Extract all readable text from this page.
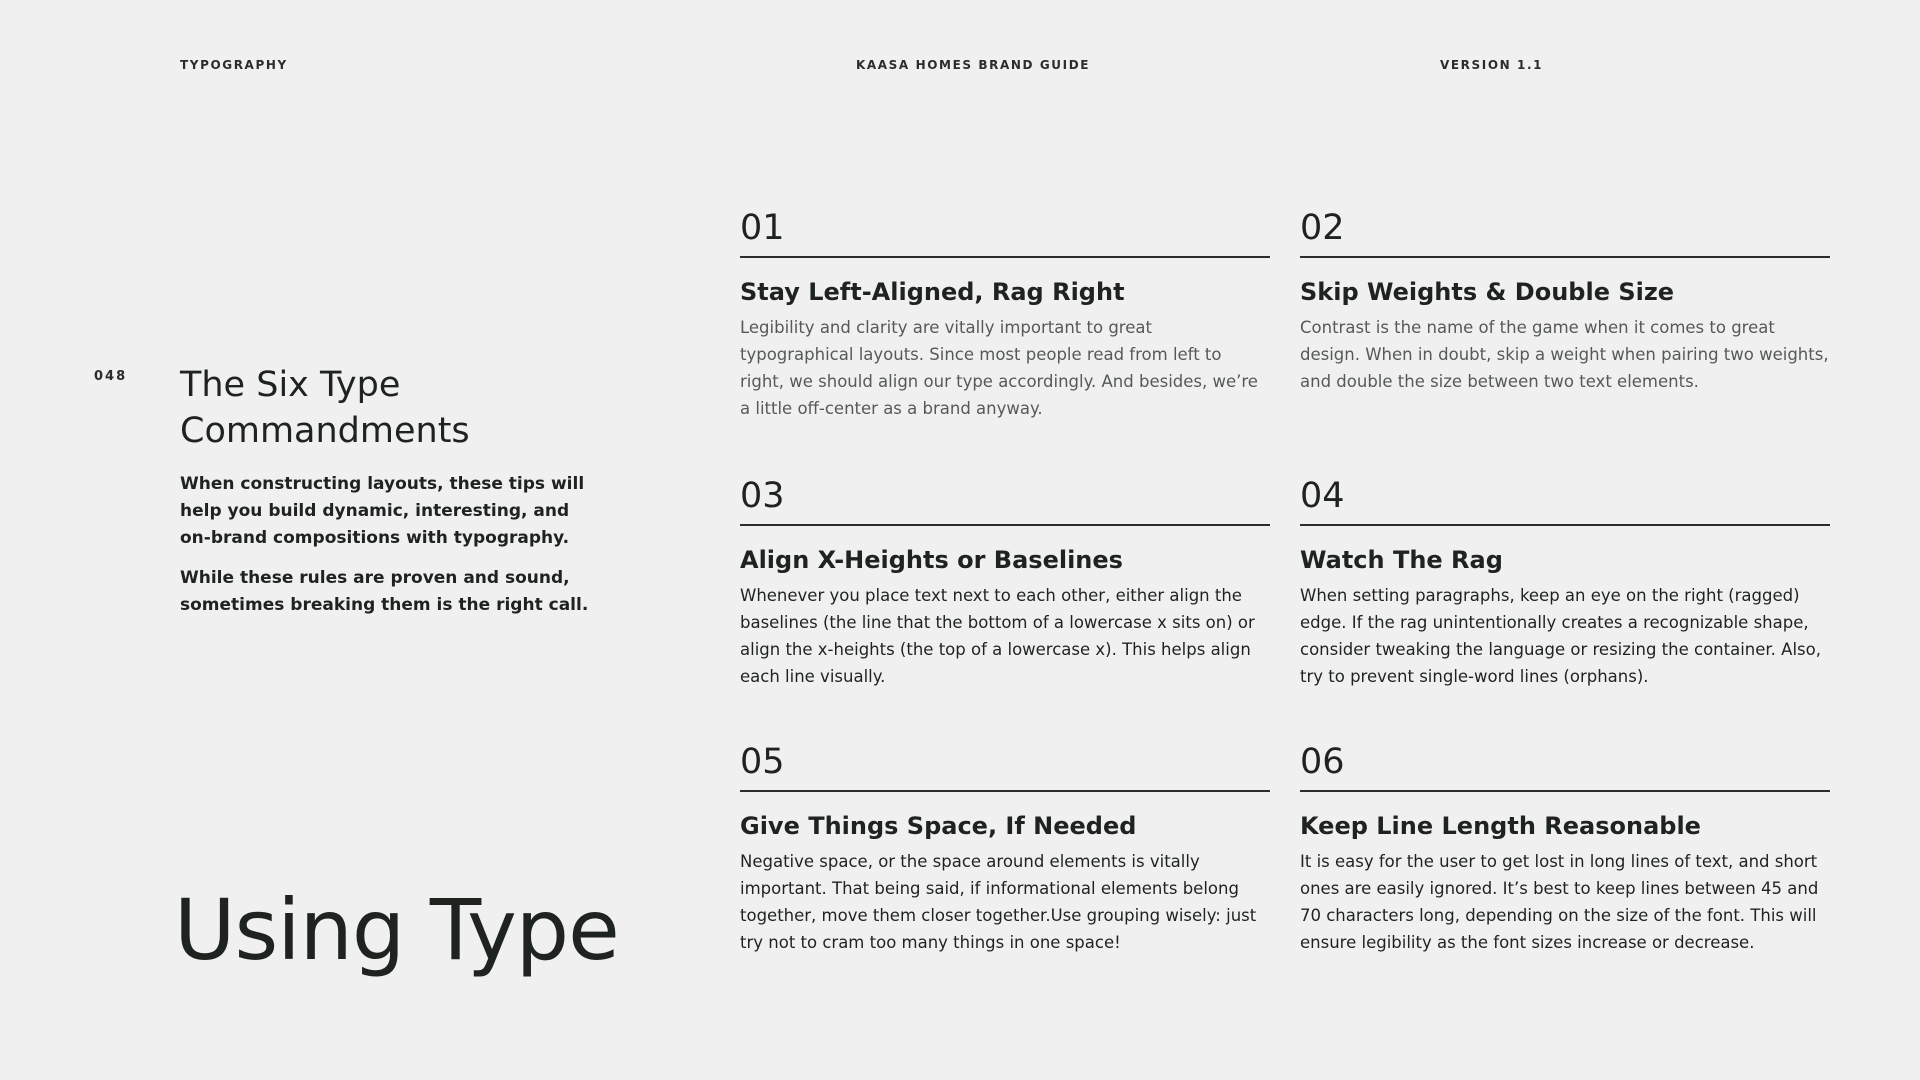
TYPOGRAPHY	KAASA HOMES BRAND GUIDE	VERSION 1.1
048 The Six Type Commandments

When constructing layouts, these tips will help you build dynamic, interesting, and on-brand compositions with typography.

While these rules are proven and sound, sometimes breaking them is the right call.

Using Type
01
Stay Left-Aligned, Rag Right

Legibility and clarity are vitally important to great typographical layouts. Since most people read from left to right, we should align our type accordingly. And besides, we’re a little off-center as a brand anyway.

02
Skip Weights & Double Size

Contrast is the name of the game when it comes to great design. When in doubt, skip a weight when pairing two weights, and double the size between two text elements.

03
Align X-Heights or Baselines

Whenever you place text next to each other, either align the baselines (the line that the bottom of a lowercase x sits on) or align the x-heights (the top of a lowercase x). This helps align each line visually.

04
Watch The Rag

When setting paragraphs, keep an eye on the right (ragged) edge. If the rag unintentionally creates a recognizable shape, consider tweaking the language or resizing the container. Also, try to prevent single-word lines (orphans).

05
Give Things Space, If Needed

Negative space, or the space around elements is vitally important. That being said, if informational elements belong together, move them closer together.Use grouping wisely: just try not to cram too many things in one space!

06
Keep Line Length Reasonable

It is easy for the user to get lost in long lines of text, and short ones are easily ignored. It’s best to keep lines between 45 and 70 characters long, depending on the size of the font. This will ensure legibility as the font sizes increase or decrease.
